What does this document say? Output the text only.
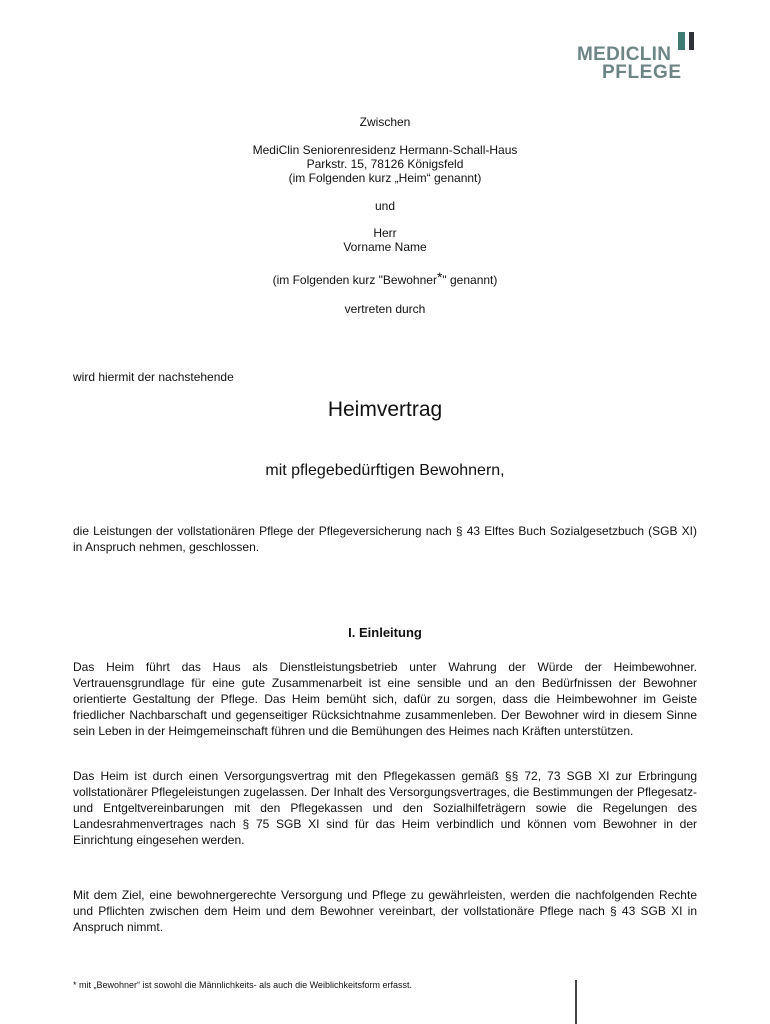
MEDICLIN
PFLEGE
Zwischen
MediClin Seniorenresidenz Hermann-Schall-Haus
Parkstr. 15, 78126 Königsfeld
(im Folgenden kurz „Heim“ genannt)
und
Herr
Vorname Name
(im Folgenden kurz "Bewohner*" genannt)
vertreten durch
wird hiermit der nachstehende
Heimvertrag
mit pflegebedürftigen Bewohnern,
die Leistungen der vollstationären Pflege der Pflegeversicherung nach § 43 Elftes Buch Sozialgesetzbuch (SGB XI) in Anspruch nehmen, geschlossen.
I. Einleitung
Das Heim führt das Haus als Dienstleistungsbetrieb unter Wahrung der Würde der Heimbewohner. Vertrauensgrundlage für eine gute Zusammenarbeit ist eine sensible und an den Bedürfnissen der Bewohner orientierte Gestaltung der Pflege. Das Heim bemüht sich, dafür zu sorgen, dass die Heimbewohner im Geiste friedlicher Nachbarschaft und gegenseitiger Rücksichtnahme zusammenleben. Der Bewohner wird in diesem Sinne sein Leben in der Heimgemeinschaft führen und die Bemühungen des Heimes nach Kräften unterstützen.
Das Heim ist durch einen Versorgungsvertrag mit den Pflegekassen gemäß §§ 72, 73 SGB XI zur Erbringung vollstationärer Pflegeleistungen zugelassen. Der Inhalt des Versorgungsvertrages, die Bestimmungen der Pflegesatz- und Entgeltvereinbarungen mit den Pflegekassen und den Sozialhilfeträgern sowie die Regelungen des Landesrahmenvertrages nach § 75 SGB XI sind für das Heim verbindlich und können vom Bewohner in der Einrichtung eingesehen werden.
Mit dem Ziel, eine bewohnergerechte Versorgung und Pflege zu gewährleisten, werden die nachfolgenden Rechte und Pflichten zwischen dem Heim und dem Bewohner vereinbart, der vollstationäre Pflege nach § 43 SGB XI in Anspruch nimmt.
* mit „Bewohner“ ist sowohl die Männlichkeits- als auch die Weiblichkeitsform erfasst.
